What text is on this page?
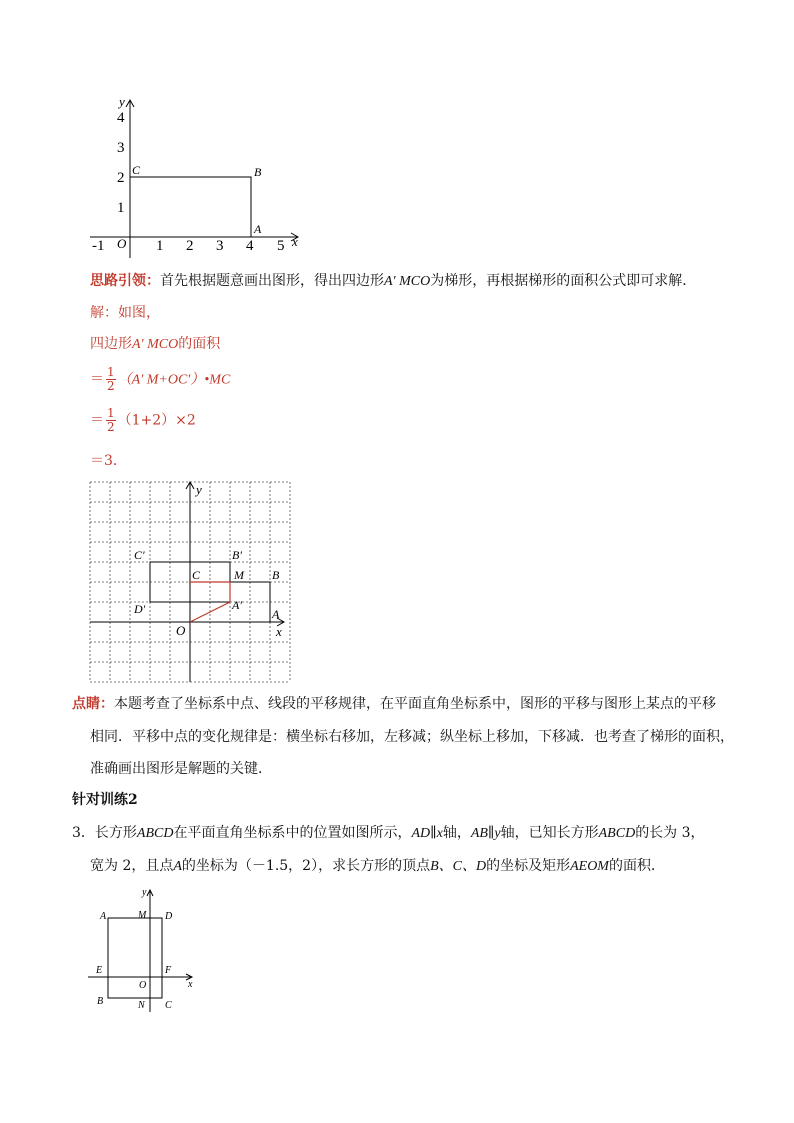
-1	1 2 3 4 5
1
2
3
4
O	x
y
C	B
A
思路引领：首先根据题意画出图形，得出四边形A′ MCO为梯形，再根据梯形的面积公式即可求解．
解：如图，
四边形A′ MCO的面积
＝ $\frac{1}{2} (A'$ M+OC′）•MC
＝ $\frac{1}{2} (1+2)\times 2$
＝3．
y
x
O
C′	B′
C	M B
D′	A′
A
点睛：本题考查了坐标系中点、线段的平移规律，在平面直角坐标系中，图形的平移与图形上某点的平移
相同．平移中点的变化规律是：横坐标右移加，左移减；纵坐标上移加，下移减．也考查了梯形的面积，
准确画出图形是解题的关键．
针对训练2
3．长方形ABCD在平面直角坐标系中的位置如图所示，AD∥x轴，AB∥y轴，已知长方形ABCD的长为 3，
宽为 2，且点A的坐标为（－1.5，2），求长方形的顶点B、C、D的坐标及矩形AEOM的面积．
y
x
O
A	M D
E	F
B	N C
